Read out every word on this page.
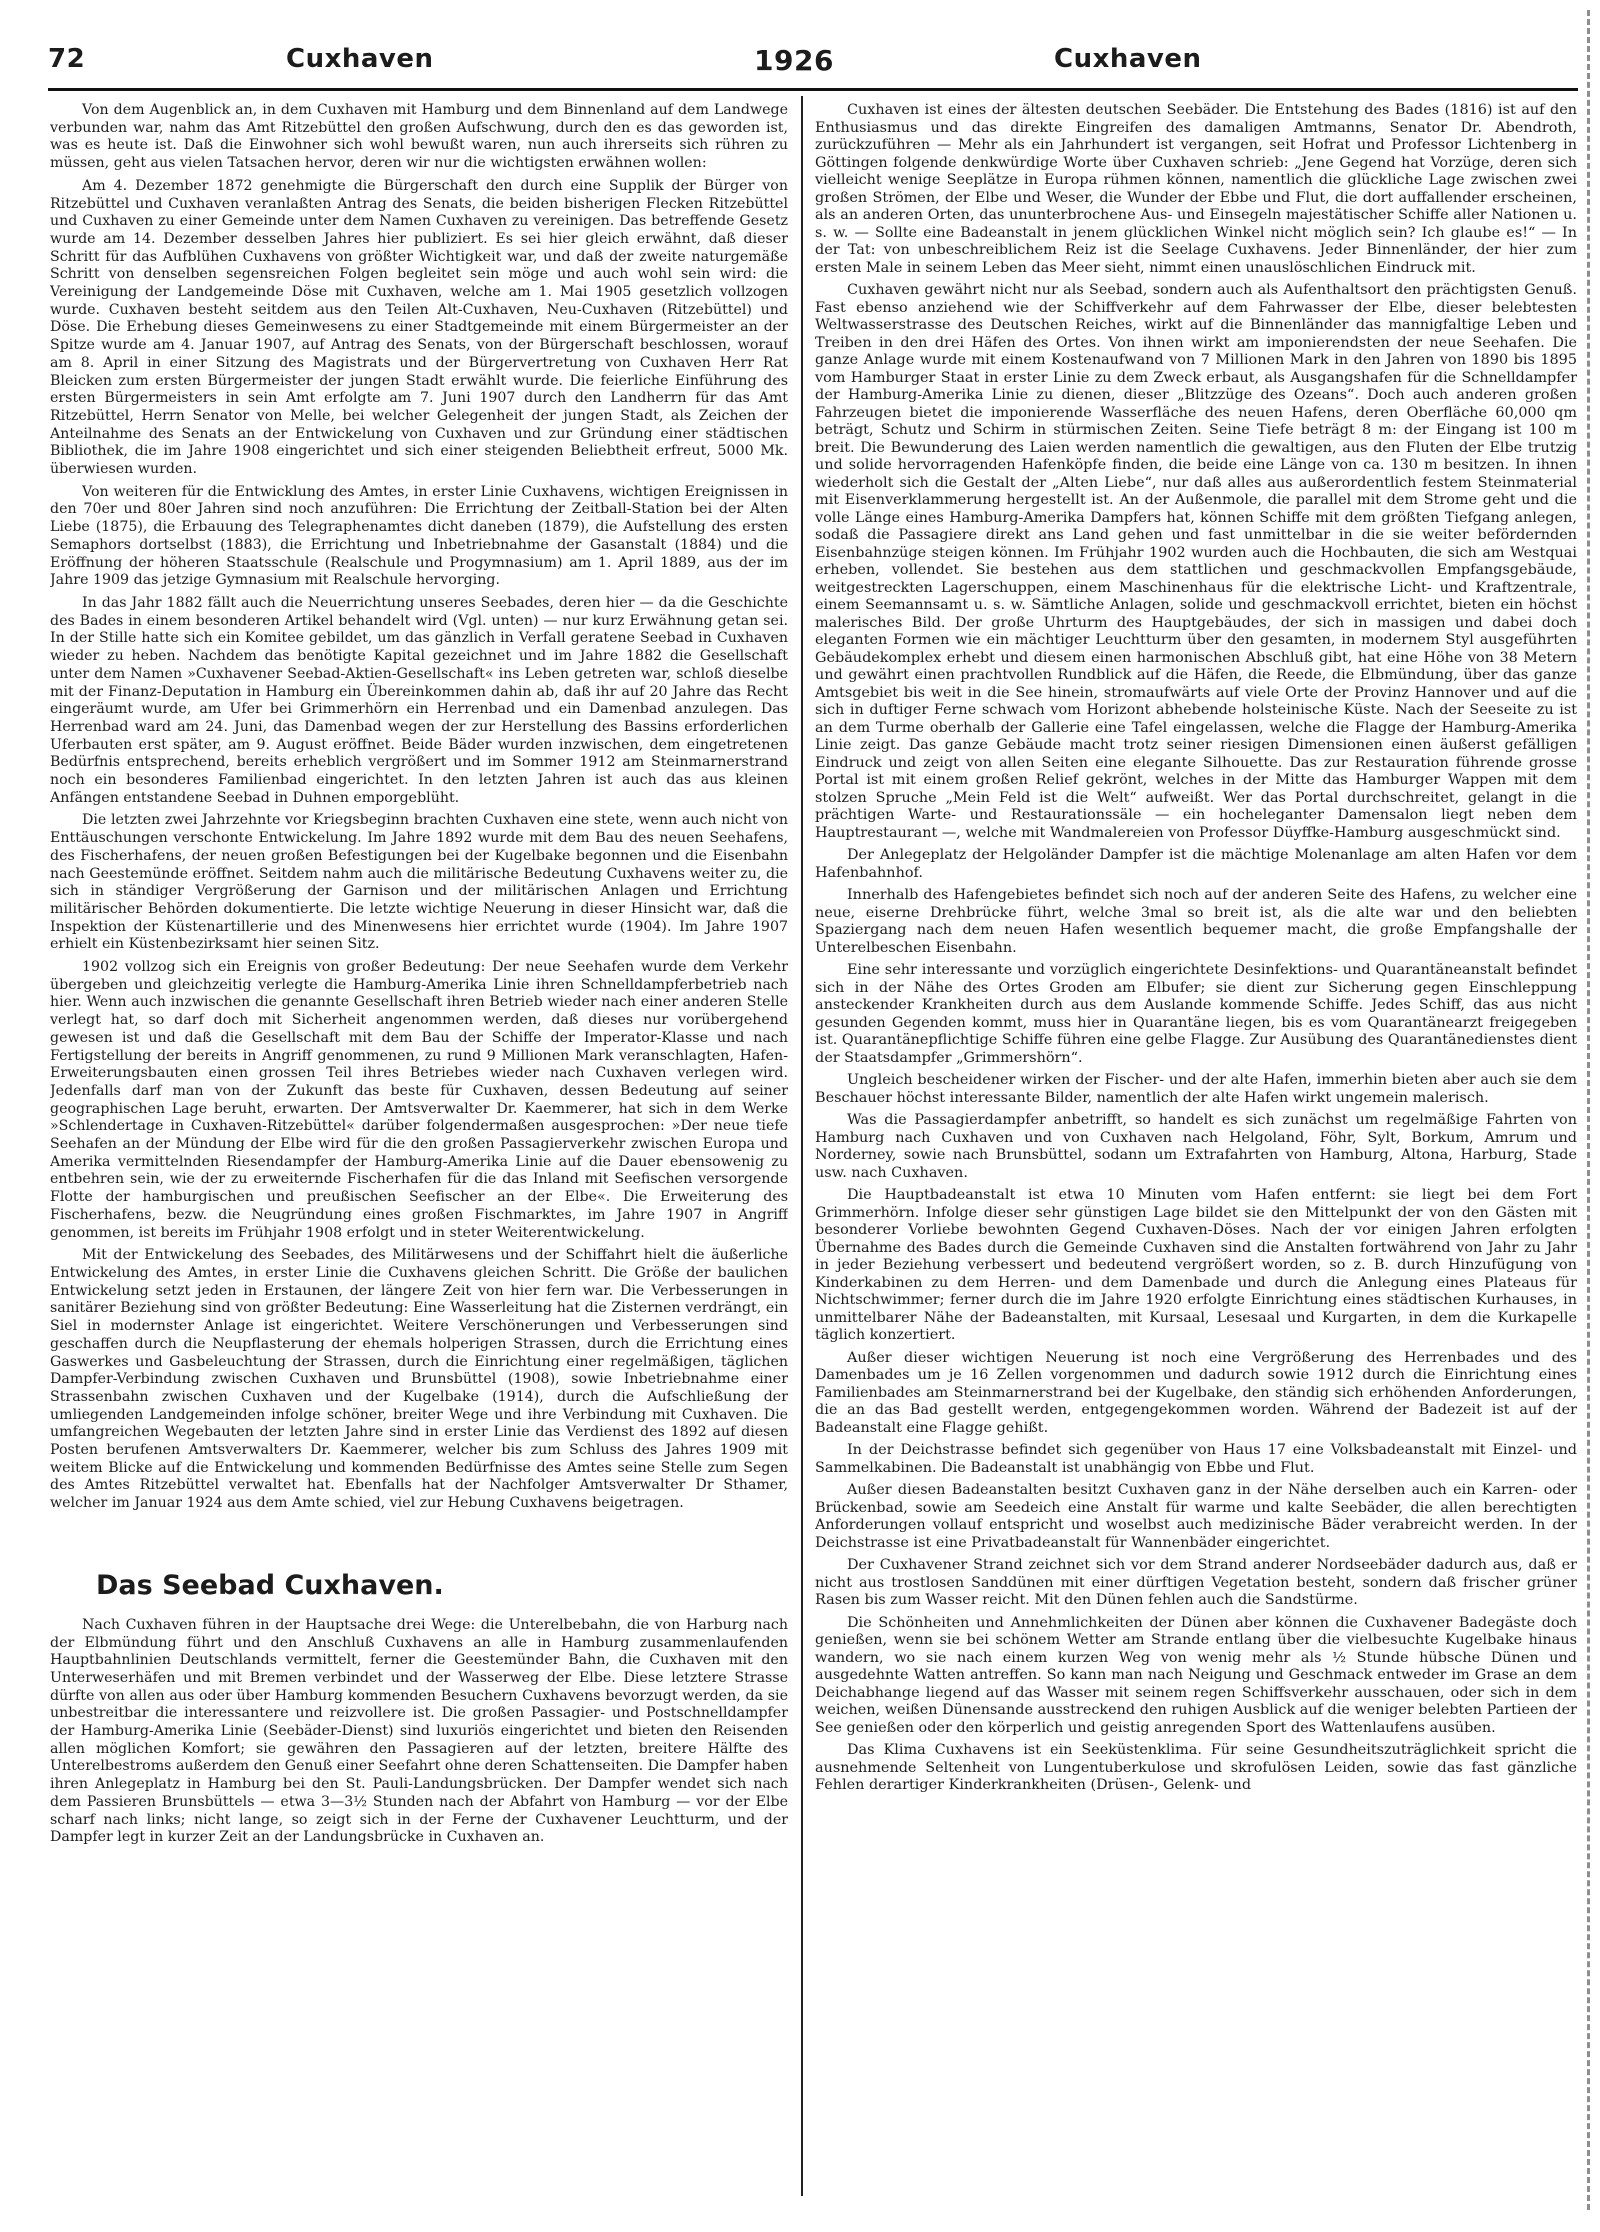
72	Cuxhaven	1926	Cuxhaven

Von dem Augenblick an, in dem Cuxhaven mit Hamburg und dem Binnenland auf dem Landwege verbunden war, nahm das Amt Ritzebüttel den großen Aufschwung, durch den es das geworden ist, was es heute ist. Daß die Einwohner sich wohl bewußt waren, nun auch ihrerseits sich rühren zu müssen, geht aus vielen Tatsachen hervor, deren wir nur die wichtigsten erwähnen wollen:

Am 4. Dezember 1872 genehmigte die Bürgerschaft den durch eine Supplik der Bürger von Ritzebüttel und Cuxhaven veranlaßten Antrag des Senats, die beiden bisherigen Flecken Ritzebüttel und Cuxhaven zu einer Gemeinde unter dem Namen Cuxhaven zu vereinigen. Das betreffende Gesetz wurde am 14. Dezember desselben Jahres hier publiziert. Es sei hier gleich erwähnt, daß dieser Schritt für das Aufblühen Cuxhavens von größter Wichtigkeit war, und daß der zweite naturgemäße Schritt von denselben segensreichen Folgen begleitet sein möge und auch wohl sein wird: die Vereinigung der Landgemeinde Döse mit Cuxhaven, welche am 1. Mai 1905 gesetzlich vollzogen wurde. Cuxhaven besteht seitdem aus den Teilen Alt-Cuxhaven, Neu-Cuxhaven (Ritzebüttel) und Döse. Die Erhebung dieses Gemeinwesens zu einer Stadtgemeinde mit einem Bürgermeister an der Spitze wurde am 4. Januar 1907, auf Antrag des Senats, von der Bürgerschaft beschlossen, worauf am 8. April in einer Sitzung des Magistrats und der Bürgervertretung von Cuxhaven Herr Rat Bleicken zum ersten Bürgermeister der jungen Stadt erwählt wurde. Die feierliche Einführung des ersten Bürgermeisters in sein Amt erfolgte am 7. Juni 1907 durch den Landherrn für das Amt Ritzebüttel, Herrn Senator von Melle, bei welcher Gelegenheit der jungen Stadt, als Zeichen der Anteilnahme des Senats an der Entwickelung von Cuxhaven und zur Gründung einer städtischen Bibliothek, die im Jahre 1908 eingerichtet und sich einer steigenden Beliebtheit erfreut, 5000 Mk. überwiesen wurden.

Von weiteren für die Entwicklung des Amtes, in erster Linie Cuxhavens, wichtigen Ereignissen in den 70er und 80er Jahren sind noch anzuführen: Die Errichtung der Zeitball-Station bei der Alten Liebe (1875), die Erbauung des Telegraphenamtes dicht daneben (1879), die Aufstellung des ersten Semaphors dortselbst (1883), die Errichtung und Inbetriebnahme der Gasanstalt (1884) und die Eröffnung der höheren Staatsschule (Realschule und Progymnasium) am 1. April 1889, aus der im Jahre 1909 das jetzige Gymnasium mit Realschule hervorging.

In das Jahr 1882 fällt auch die Neuerrichtung unseres Seebades, deren hier — da die Geschichte des Bades in einem besonderen Artikel behandelt wird (Vgl. unten) — nur kurz Erwähnung getan sei. In der Stille hatte sich ein Komitee gebildet, um das gänzlich in Verfall geratene Seebad in Cuxhaven wieder zu heben. Nachdem das benötigte Kapital gezeichnet und im Jahre 1882 die Gesellschaft unter dem Namen »Cuxhavener Seebad-Aktien-Gesellschaft« ins Leben getreten war, schloß dieselbe mit der Finanz-Deputation in Hamburg ein Übereinkommen dahin ab, daß ihr auf 20 Jahre das Recht eingeräumt wurde, am Ufer bei Grimmerhörn ein Herrenbad und ein Damenbad anzulegen. Das Herrenbad ward am 24. Juni, das Damenbad wegen der zur Herstellung des Bassins erforderlichen Uferbauten erst später, am 9. August eröffnet. Beide Bäder wurden inzwischen, dem eingetretenen Bedürfnis entsprechend, bereits erheblich vergrößert und im Sommer 1912 am Steinmarnerstrand noch ein besonderes Familienbad eingerichtet. In den letzten Jahren ist auch das aus kleinen Anfängen entstandene Seebad in Duhnen emporgeblüht.

Die letzten zwei Jahrzehnte vor Kriegsbeginn brachten Cuxhaven eine stete, wenn auch nicht von Enttäuschungen verschonte Entwickelung. Im Jahre 1892 wurde mit dem Bau des neuen Seehafens, des Fischerhafens, der neuen großen Befestigungen bei der Kugelbake begonnen und die Eisenbahn nach Geestemünde eröffnet. Seitdem nahm auch die militärische Bedeutung Cuxhavens weiter zu, die sich in ständiger Vergrößerung der Garnison und der militärischen Anlagen und Errichtung militärischer Behörden dokumentierte. Die letzte wichtige Neuerung in dieser Hinsicht war, daß die Inspektion der Küstenartillerie und des Minenwesens hier errichtet wurde (1904). Im Jahre 1907 erhielt ein Küstenbezirksamt hier seinen Sitz.

1902 vollzog sich ein Ereignis von großer Bedeutung: Der neue Seehafen wurde dem Verkehr übergeben und gleichzeitig verlegte die Hamburg-Amerika Linie ihren Schnelldampferbetrieb nach hier. Wenn auch inzwischen die genannte Gesellschaft ihren Betrieb wieder nach einer anderen Stelle verlegt hat, so darf doch mit Sicherheit angenommen werden, daß dieses nur vorübergehend gewesen ist und daß die Gesellschaft mit dem Bau der Schiffe der Imperator-Klasse und nach Fertigstellung der bereits in Angriff genommenen, zu rund 9 Millionen Mark veranschlagten, Hafen-Erweiterungsbauten einen grossen Teil ihres Betriebes wieder nach Cuxhaven verlegen wird. Jedenfalls darf man von der Zukunft das beste für Cuxhaven, dessen Bedeutung auf seiner geographischen Lage beruht, erwarten. Der Amtsverwalter Dr. Kaemmerer, hat sich in dem Werke »Schlendertage in Cuxhaven-Ritzebüttel« darüber folgendermaßen ausgesprochen: »Der neue tiefe Seehafen an der Mündung der Elbe wird für die den großen Passagierverkehr zwischen Europa und Amerika vermittelnden Riesendampfer der Hamburg-Amerika Linie auf die Dauer ebensowenig zu entbehren sein, wie der zu erweiternde Fischerhafen für die das Inland mit Seefischen versorgende Flotte der hamburgischen und preußischen Seefischer an der Elbe«. Die Erweiterung des Fischerhafens, bezw. die Neugründung eines großen Fischmarktes, im Jahre 1907 in Angriff genommen, ist bereits im Frühjahr 1908 erfolgt und in steter Weiterentwickelung.

Mit der Entwickelung des Seebades, des Militärwesens und der Schiffahrt hielt die äußerliche Entwickelung des Amtes, in erster Linie die Cuxhavens gleichen Schritt. Die Größe der baulichen Entwickelung setzt jeden in Erstaunen, der längere Zeit von hier fern war. Die Verbesserungen in sanitärer Beziehung sind von größter Bedeutung: Eine Wasserleitung hat die Zisternen verdrängt, ein Siel in modernster Anlage ist eingerichtet. Weitere Verschönerungen und Verbesserungen sind geschaffen durch die Neupflasterung der ehemals holperigen Strassen, durch die Errichtung eines Gaswerkes und Gasbeleuchtung der Strassen, durch die Einrichtung einer regelmäßigen, täglichen Dampfer-Verbindung zwischen Cuxhaven und Brunsbüttel (1908), sowie Inbetriebnahme einer Strassenbahn zwischen Cuxhaven und der Kugelbake (1914), durch die Aufschließung der umliegenden Landgemeinden infolge schöner, breiter Wege und ihre Verbindung mit Cuxhaven. Die umfangreichen Wegebauten der letzten Jahre sind in erster Linie das Verdienst des 1892 auf diesen Posten berufenen Amtsverwalters Dr. Kaemmerer, welcher bis zum Schluss des Jahres 1909 mit weitem Blicke auf die Entwickelung und kommenden Bedürfnisse des Amtes seine Stelle zum Segen des Amtes Ritzebüttel verwaltet hat. Ebenfalls hat der Nachfolger Amtsverwalter Dr Sthamer, welcher im Januar 1924 aus dem Amte schied, viel zur Hebung Cuxhavens beigetragen.

Das Seebad Cuxhaven.

Nach Cuxhaven führen in der Hauptsache drei Wege: die Unterelbebahn, die von Harburg nach der Elbmündung führt und den Anschluß Cuxhavens an alle in Hamburg zusammenlaufenden Hauptbahnlinien Deutschlands vermittelt, ferner die Geestemünder Bahn, die Cuxhaven mit den Unterweserhäfen und mit Bremen verbindet und der Wasserweg der Elbe. Diese letztere Strasse dürfte von allen aus oder über Hamburg kommenden Besuchern Cuxhavens bevorzugt werden, da sie unbestreitbar die interessantere und reizvollere ist. Die großen Passagier- und Postschnelldampfer der Hamburg-Amerika Linie (Seebäder-Dienst) sind luxuriös eingerichtet und bieten den Reisenden allen möglichen Komfort; sie gewähren den Passagieren auf der letzten, breitere Hälfte des Unterelbestroms außerdem den Genuß einer Seefahrt ohne deren Schattenseiten. Die Dampfer haben ihren Anlegeplatz in Hamburg bei den St. Pauli-Landungsbrücken. Der Dampfer wendet sich nach dem Passieren Brunsbüttels — etwa 3—3½ Stunden nach der Abfahrt von Hamburg — vor der Elbe scharf nach links; nicht lange, so zeigt sich in der Ferne der Cuxhavener Leuchtturm, und der Dampfer legt in kurzer Zeit an der Landungsbrücke in Cuxhaven an.

Cuxhaven ist eines der ältesten deutschen Seebäder. Die Entstehung des Bades (1816) ist auf den Enthusiasmus und das direkte Eingreifen des damaligen Amtmanns, Senator Dr. Abendroth, zurückzuführen — Mehr als ein Jahrhundert ist vergangen, seit Hofrat und Professor Lichtenberg in Göttingen folgende denkwürdige Worte über Cuxhaven schrieb: „Jene Gegend hat Vorzüge, deren sich vielleicht wenige Seeplätze in Europa rühmen können, namentlich die glückliche Lage zwischen zwei großen Strömen, der Elbe und Weser, die Wunder der Ebbe und Flut, die dort auffallender erscheinen, als an anderen Orten, das ununterbrochene Aus- und Einsegeln majestätischer Schiffe aller Nationen u. s. w. — Sollte eine Badeanstalt in jenem glücklichen Winkel nicht möglich sein? Ich glaube es!“ — In der Tat: von unbeschreiblichem Reiz ist die Seelage Cuxhavens. Jeder Binnenländer, der hier zum ersten Male in seinem Leben das Meer sieht, nimmt einen unauslöschlichen Eindruck mit.

Cuxhaven gewährt nicht nur als Seebad, sondern auch als Aufenthaltsort den prächtigsten Genuß. Fast ebenso anziehend wie der Schiffverkehr auf dem Fahrwasser der Elbe, dieser belebtesten Weltwasserstrasse des Deutschen Reiches, wirkt auf die Binnenländer das mannigfaltige Leben und Treiben in den drei Häfen des Ortes. Von ihnen wirkt am imponierendsten der neue Seehafen. Die ganze Anlage wurde mit einem Kostenaufwand von 7 Millionen Mark in den Jahren von 1890 bis 1895 vom Hamburger Staat in erster Linie zu dem Zweck erbaut, als Ausgangshafen für die Schnelldampfer der Hamburg-Amerika Linie zu dienen, dieser „Blitzzüge des Ozeans“. Doch auch anderen großen Fahrzeugen bietet die imponierende Wasserfläche des neuen Hafens, deren Oberfläche 60,000 qm beträgt, Schutz und Schirm in stürmischen Zeiten. Seine Tiefe beträgt 8 m: der Eingang ist 100 m breit. Die Bewunderung des Laien werden namentlich die gewaltigen, aus den Fluten der Elbe trutzig und solide hervorragenden Hafenköpfe finden, die beide eine Länge von ca. 130 m besitzen. In ihnen wiederholt sich die Gestalt der „Alten Liebe“, nur daß alles aus außerordentlich festem Steinmaterial mit Eisenverklammerung hergestellt ist. An der Außenmole, die parallel mit dem Strome geht und die volle Länge eines Hamburg-Amerika Dampfers hat, können Schiffe mit dem größten Tiefgang anlegen, sodaß die Passagiere direkt ans Land gehen und fast unmittelbar in die sie weiter befördernden Eisenbahnzüge steigen können. Im Frühjahr 1902 wurden auch die Hochbauten, die sich am Westquai erheben, vollendet. Sie bestehen aus dem stattlichen und geschmackvollen Empfangsgebäude, weitgestreckten Lagerschuppen, einem Maschinenhaus für die elektrische Licht- und Kraftzentrale, einem Seemannsamt u. s. w. Sämtliche Anlagen, solide und geschmackvoll errichtet, bieten ein höchst malerisches Bild. Der große Uhrturm des Hauptgebäudes, der sich in massigen und dabei doch eleganten Formen wie ein mächtiger Leuchtturm über den gesamten, in modernem Styl ausgeführten Gebäudekomplex erhebt und diesem einen harmonischen Abschluß gibt, hat eine Höhe von 38 Metern und gewährt einen prachtvollen Rundblick auf die Häfen, die Reede, die Elbmündung, über das ganze Amtsgebiet bis weit in die See hinein, stromaufwärts auf viele Orte der Provinz Hannover und auf die sich in duftiger Ferne schwach vom Horizont abhebende holsteinische Küste. Nach der Seeseite zu ist an dem Turme oberhalb der Gallerie eine Tafel eingelassen, welche die Flagge der Hamburg-Amerika Linie zeigt. Das ganze Gebäude macht trotz seiner riesigen Dimensionen einen äußerst gefälligen Eindruck und zeigt von allen Seiten eine elegante Silhouette. Das zur Restauration führende grosse Portal ist mit einem großen Relief gekrönt, welches in der Mitte das Hamburger Wappen mit dem stolzen Spruche „Mein Feld ist die Welt“ aufweißt. Wer das Portal durchschreitet, gelangt in die prächtigen Warte- und Restaurationssäle — ein hocheleganter Damensalon liegt neben dem Hauptrestaurant —, welche mit Wandmalereien von Professor Düyffke-Hamburg ausgeschmückt sind.

Der Anlegeplatz der Helgoländer Dampfer ist die mächtige Molenanlage am alten Hafen vor dem Hafenbahnhof.

Innerhalb des Hafengebietes befindet sich noch auf der anderen Seite des Hafens, zu welcher eine neue, eiserne Drehbrücke führt, welche 3mal so breit ist, als die alte war und den beliebten Spaziergang nach dem neuen Hafen wesentlich bequemer macht, die große Empfangshalle der Unterelbeschen Eisenbahn.

Eine sehr interessante und vorzüglich eingerichtete Desinfektions- und Quarantäneanstalt befindet sich in der Nähe des Ortes Groden am Elbufer; sie dient zur Sicherung gegen Einschleppung ansteckender Krankheiten durch aus dem Auslande kommende Schiffe. Jedes Schiff, das aus nicht gesunden Gegenden kommt, muss hier in Quarantäne liegen, bis es vom Quarantänearzt freigegeben ist. Quarantänepflichtige Schiffe führen eine gelbe Flagge. Zur Ausübung des Quarantänedienstes dient der Staatsdampfer „Grimmershörn“.

Ungleich bescheidener wirken der Fischer- und der alte Hafen, immerhin bieten aber auch sie dem Beschauer höchst interessante Bilder, namentlich der alte Hafen wirkt ungemein malerisch.

Was die Passagierdampfer anbetrifft, so handelt es sich zunächst um regelmäßige Fahrten von Hamburg nach Cuxhaven und von Cuxhaven nach Helgoland, Föhr, Sylt, Borkum, Amrum und Norderney, sowie nach Brunsbüttel, sodann um Extrafahrten von Hamburg, Altona, Harburg, Stade usw. nach Cuxhaven.

Die Hauptbadeanstalt ist etwa 10 Minuten vom Hafen entfernt: sie liegt bei dem Fort Grimmerhörn. Infolge dieser sehr günstigen Lage bildet sie den Mittelpunkt der von den Gästen mit besonderer Vorliebe bewohnten Gegend Cuxhaven-Döses. Nach der vor einigen Jahren erfolgten Übernahme des Bades durch die Gemeinde Cuxhaven sind die Anstalten fortwährend von Jahr zu Jahr in jeder Beziehung verbessert und bedeutend vergrößert worden, so z. B. durch Hinzufügung von Kinderkabinen zu dem Herren- und dem Damenbade und durch die Anlegung eines Plateaus für Nichtschwimmer; ferner durch die im Jahre 1920 erfolgte Einrichtung eines städtischen Kurhauses, in unmittelbarer Nähe der Badeanstalten, mit Kursaal, Lesesaal und Kurgarten, in dem die Kurkapelle täglich konzertiert.

Außer dieser wichtigen Neuerung ist noch eine Vergrößerung des Herrenbades und des Damenbades um je 16 Zellen vorgenommen und dadurch sowie 1912 durch die Einrichtung eines Familienbades am Steinmarnerstrand bei der Kugelbake, den ständig sich erhöhenden Anforderungen, die an das Bad gestellt werden, entgegengekommen worden. Während der Badezeit ist auf der Badeanstalt eine Flagge gehißt.

In der Deichstrasse befindet sich gegenüber von Haus 17 eine Volksbadeanstalt mit Einzel- und Sammelkabinen. Die Badeanstalt ist unabhängig von Ebbe und Flut.

Außer diesen Badeanstalten besitzt Cuxhaven ganz in der Nähe derselben auch ein Karren- oder Brückenbad, sowie am Seedeich eine Anstalt für warme und kalte Seebäder, die allen berechtigten Anforderungen vollauf entspricht und woselbst auch medizinische Bäder verabreicht werden. In der Deichstrasse ist eine Privatbadeanstalt für Wannenbäder eingerichtet.

Der Cuxhavener Strand zeichnet sich vor dem Strand anderer Nordseebäder dadurch aus, daß er nicht aus trostlosen Sanddünen mit einer dürftigen Vegetation besteht, sondern daß frischer grüner Rasen bis zum Wasser reicht. Mit den Dünen fehlen auch die Sandstürme.

Die Schönheiten und Annehmlichkeiten der Dünen aber können die Cuxhavener Badegäste doch genießen, wenn sie bei schönem Wetter am Strande entlang über die vielbesuchte Kugelbake hinaus wandern, wo sie nach einem kurzen Weg von wenig mehr als ½ Stunde hübsche Dünen und ausgedehnte Watten antreffen. So kann man nach Neigung und Geschmack entweder im Grase an dem Deichabhange liegend auf das Wasser mit seinem regen Schiffsverkehr ausschauen, oder sich in dem weichen, weißen Dünensande ausstreckend den ruhigen Ausblick auf die weniger belebten Partieen der See genießen oder den körperlich und geistig anregenden Sport des Wattenlaufens ausüben.

Das Klima Cuxhavens ist ein Seeküstenklima. Für seine Gesundheitszuträglichkeit spricht die ausnehmende Seltenheit von Lungentuberkulose und skrofulösen Leiden, sowie das fast gänzliche Fehlen derartiger Kinderkrankheiten (Drüsen-, Gelenk- und
